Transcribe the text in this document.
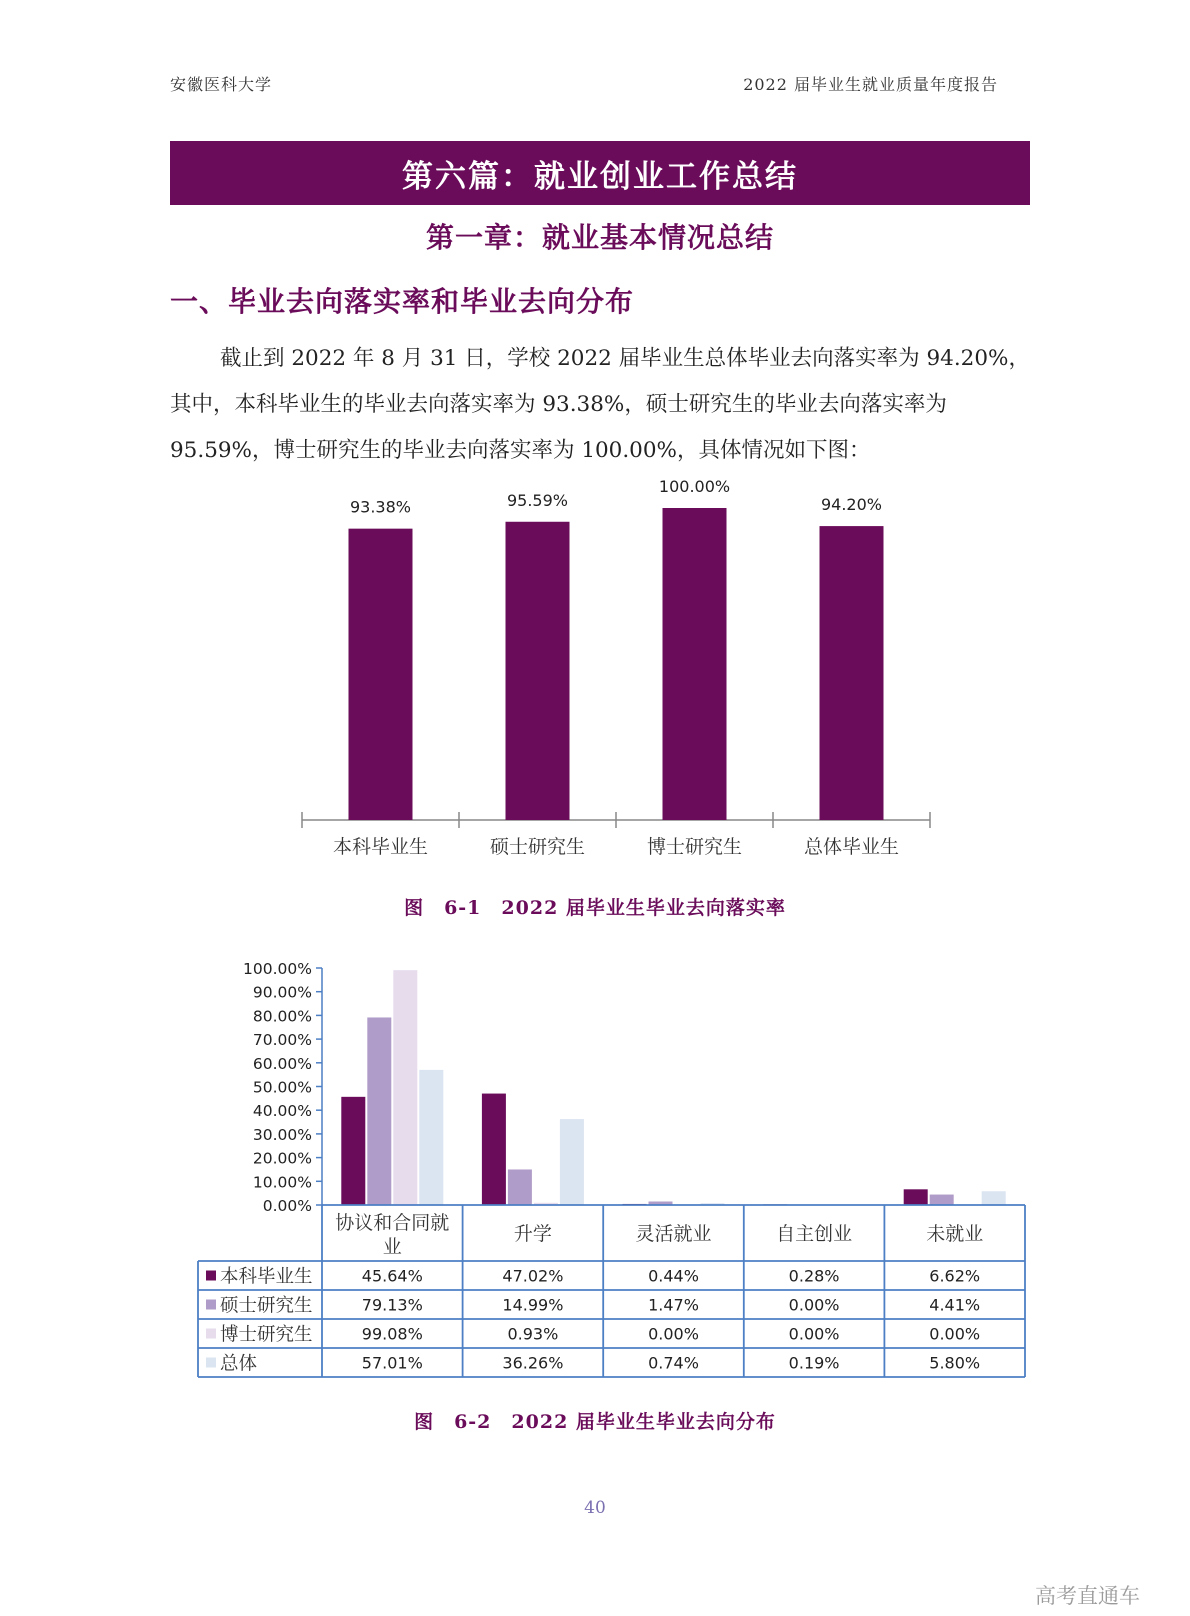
安徽医科大学	2022 届毕业生就业质量年度报告
第六篇：就业创业工作总结
第一章：就业基本情况总结
一、毕业去向落实率和毕业去向分布
截止到 2022 年 8 月 31 日，学校 2022 届毕业生总体毕业去向落实率为 94.20%，
其中，本科毕业生的毕业去向落实率为 93.38%，硕士研究生的毕业去向落实率为
95.59%，博士研究生的毕业去向落实率为 100.00%，具体情况如下图：
93.38%
本科毕业生
95.59%
硕士研究生
100.00%
博士研究生
94.20%
总体毕业生
图　6-1　2022 届毕业生毕业去向落实率
0.00%
10.00%
20.00%
30.00%
40.00%
50.00%
60.00%
70.00%
80.00%
90.00%
100.00%
协议和合同就
业
升学	灵活就业	自主创业	未就业
本科毕业生	45.64%	47.02%	0.44%	0.28%	6.62%
硕士研究生	79.13%	14.99%	1.47%	0.00%	4.41%
博士研究生	99.08%	0.93%	0.00%	0.00%	0.00%
总体	57.01%	36.26%	0.74%	0.19%	5.80%
图　6-2　2022 届毕业生毕业去向分布
40
高考直通车
